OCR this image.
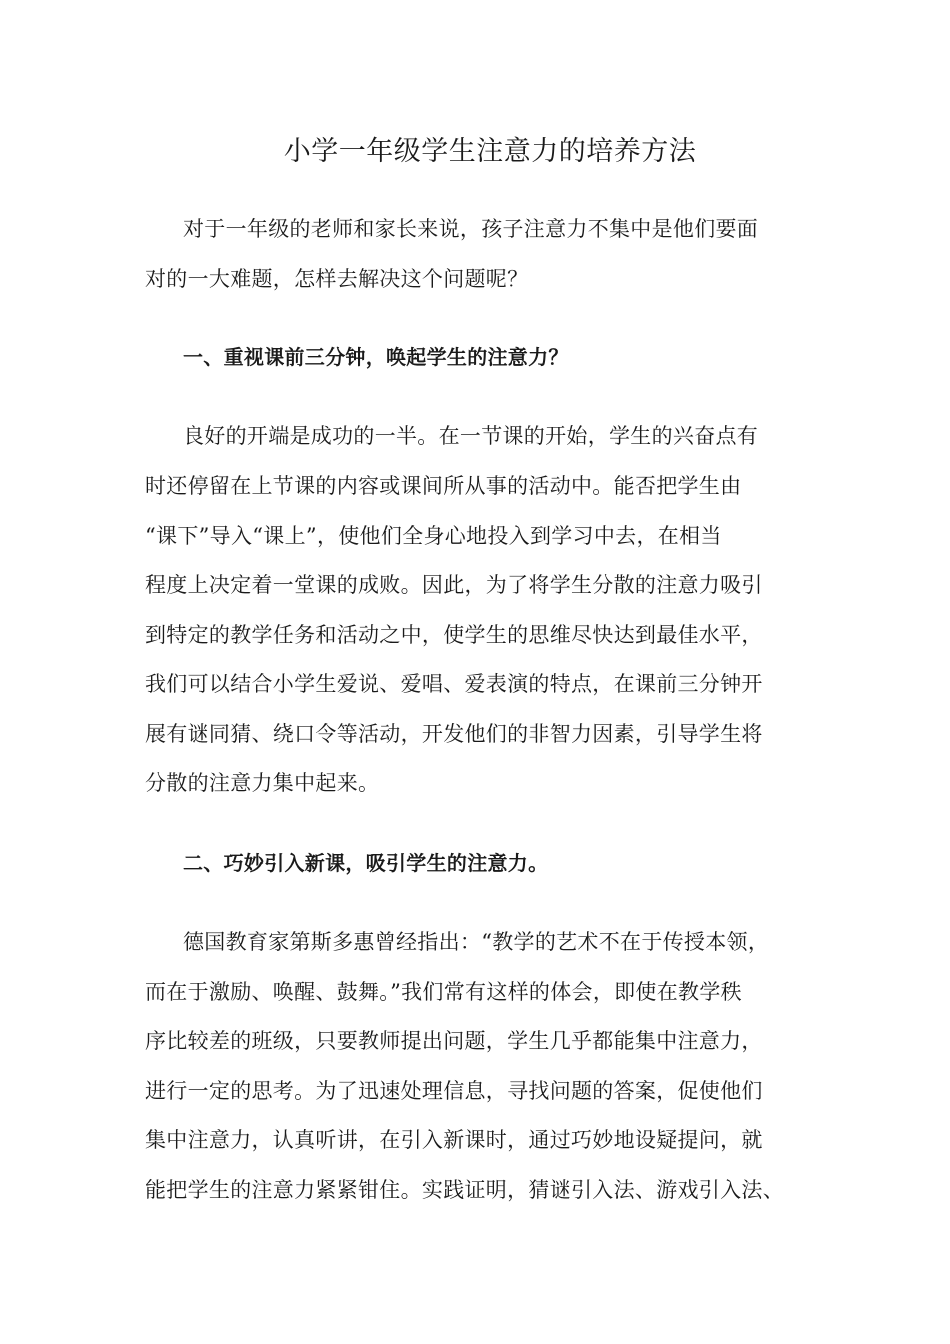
小学一年级学生注意力的培养方法
对于一年级的老师和家长来说，孩子注意力不集中是他们要面
对的一大难题，怎样去解决这个问题呢？
一、重视课前三分钟，唤起学生的注意力？
良好的开端是成功的一半。在一节课的开始，学生的兴奋点有
时还停留在上节课的内容或课间所从事的活动中。能否把学生由
“课下”导入“课上”，使他们全身心地投入到学习中去，在相当
程度上决定着一堂课的成败。因此，为了将学生分散的注意力吸引
到特定的教学任务和活动之中，使学生的思维尽快达到最佳水平，
我们可以结合小学生爱说、爱唱、爱表演的特点，在课前三分钟开
展有谜同猜、绕口令等活动，开发他们的非智力因素，引导学生将
分散的注意力集中起来。
二、巧妙引入新课，吸引学生的注意力。
德国教育家第斯多惠曾经指出：“教学的艺术不在于传授本领，
而在于激励、唤醒、鼓舞。”我们常有这样的体会，即使在教学秩
序比较差的班级，只要教师提出问题，学生几乎都能集中注意力，
进行一定的思考。为了迅速处理信息，寻找问题的答案，促使他们
集中注意力，认真听讲，在引入新课时，通过巧妙地设疑提问，就
能把学生的注意力紧紧钳住。实践证明，猜谜引入法、游戏引入法、
